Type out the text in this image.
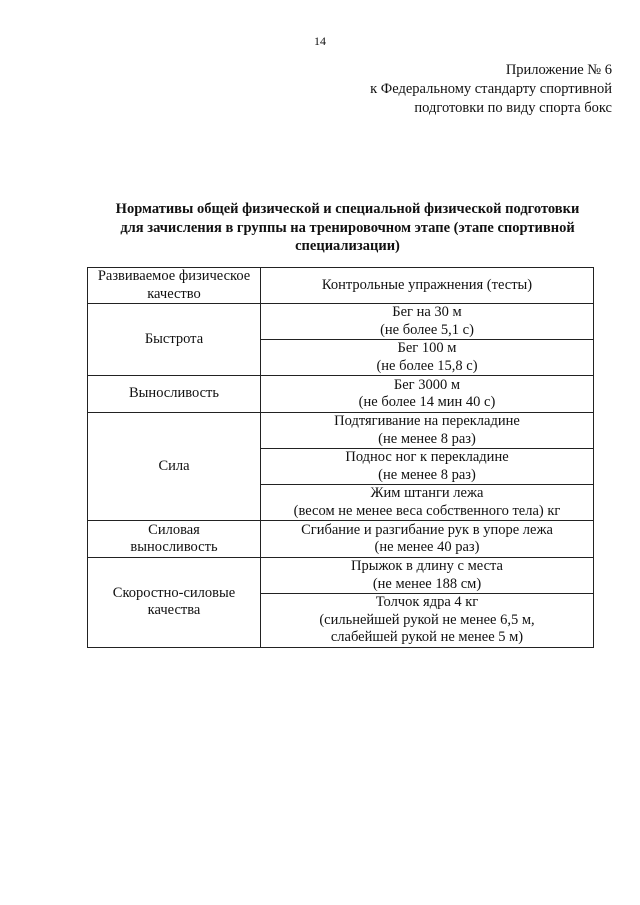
14
Приложение № 6
к Федеральному стандарту спортивной
подготовки по виду спорта бокс
Нормативы общей физической и специальной физической подготовки
для зачисления в группы на тренировочном этапе (этапе спортивной
специализации)
Развиваемое физическое
качество	Контрольные упражнения (тесты)

Быстрота	Бег на 30 м
(не более 5,1 с)

	Бег 100 м
(не более 15,8 с)

Выносливость	Бег 3000 м
(не более 14 мин 40 с)

Сила	Подтягивание на перекладине
(не менее 8 раз)

	Поднос ног к перекладине
(не менее 8 раз)

	Жим штанги лежа
(весом не менее веса собственного тела) кг

Силовая
выносливость	Сгибание и разгибание рук в упоре лежа
(не менее 40 раз)

Скоростно-силовые
качества	Прыжок в длину с места
(не менее 188 см)

	Толчок ядра 4 кг
(сильнейшей рукой не менее 6,5 м,
слабейшей рукой не менее 5 м)
